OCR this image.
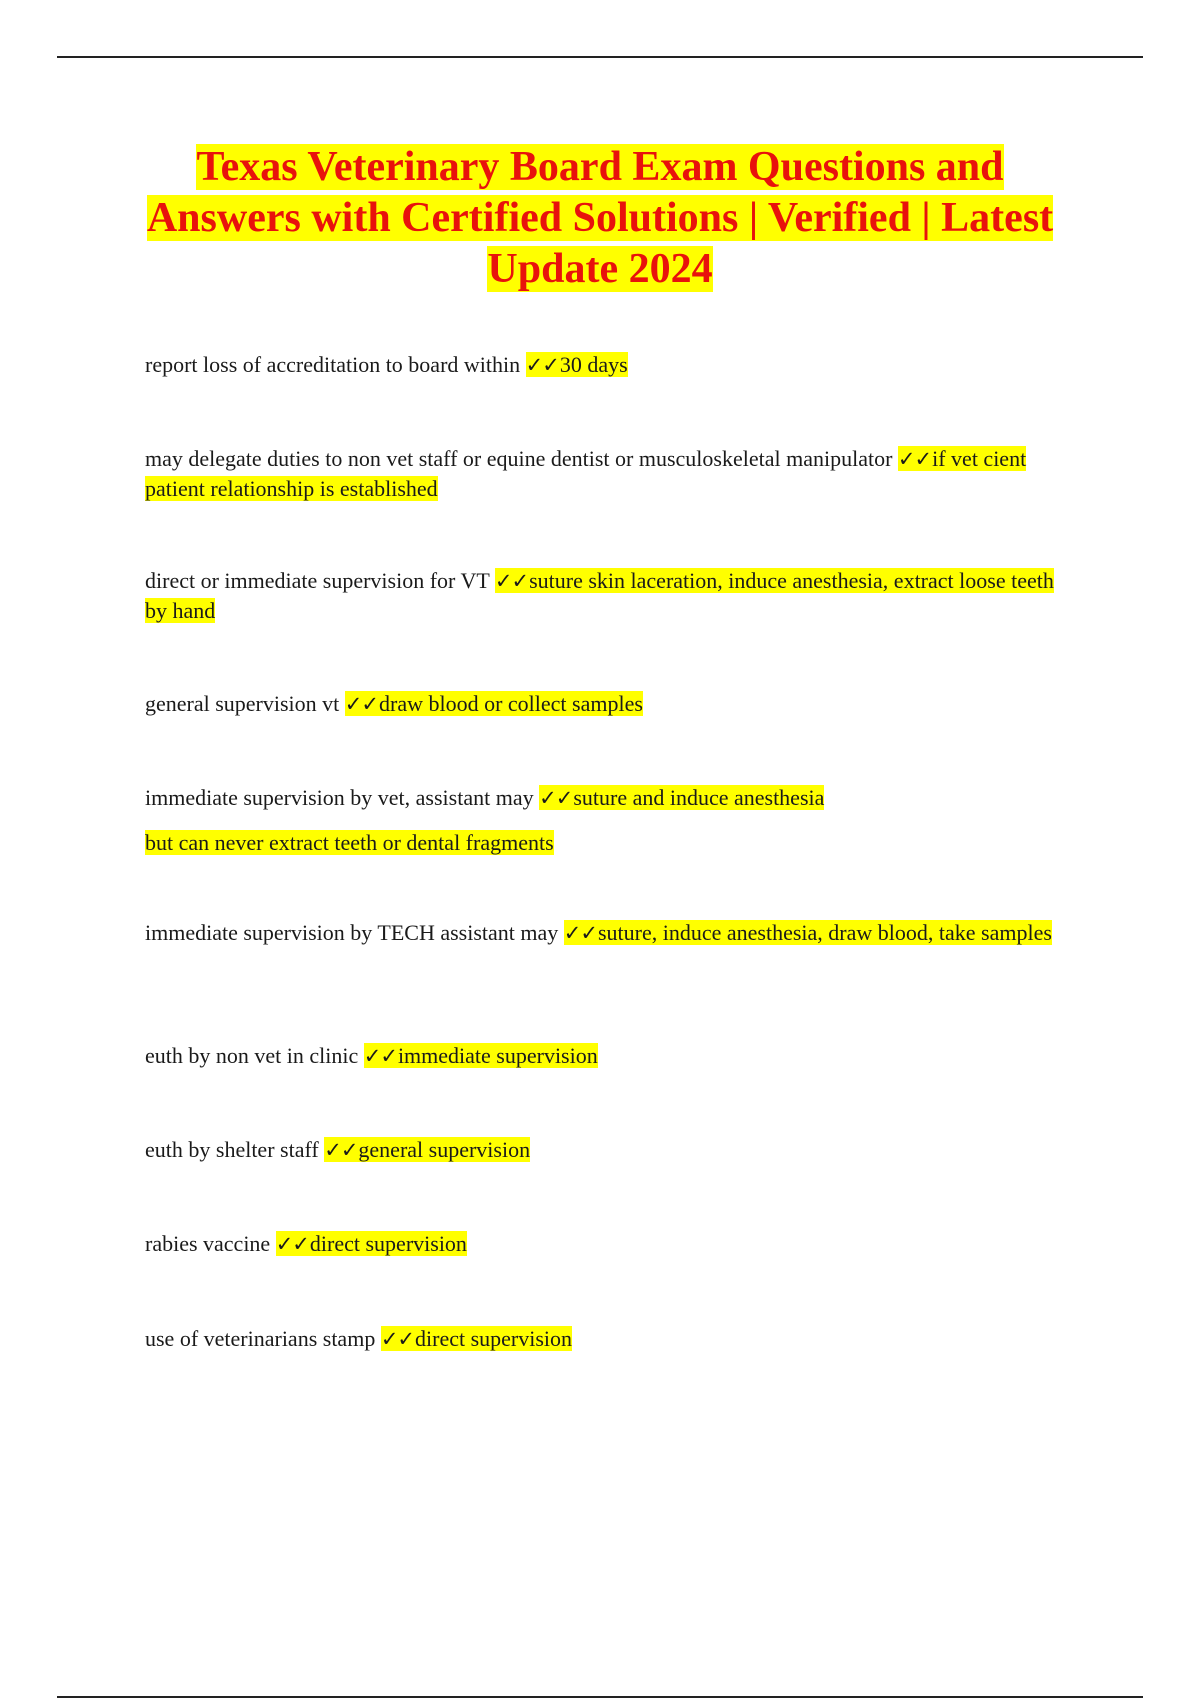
Texas Veterinary Board Exam Questions and Answers with Certified Solutions | Verified | Latest Update 2024

report loss of accreditation to board within ✓✓30 days

may delegate duties to non vet staff or equine dentist or musculoskeletal manipulator ✓✓if vet cient patient relationship is established

direct or immediate supervision for VT ✓✓suture skin laceration, induce anesthesia, extract loose teeth by hand

general supervision vt ✓✓draw blood or collect samples

immediate supervision by vet, assistant may ✓✓suture and induce anesthesia
but can never extract teeth or dental fragments

immediate supervision by TECH assistant may ✓✓suture, induce anesthesia, draw blood, take samples

euth by non vet in clinic ✓✓immediate supervision

euth by shelter staff ✓✓general supervision

rabies vaccine ✓✓direct supervision

use of veterinarians stamp ✓✓direct supervision
